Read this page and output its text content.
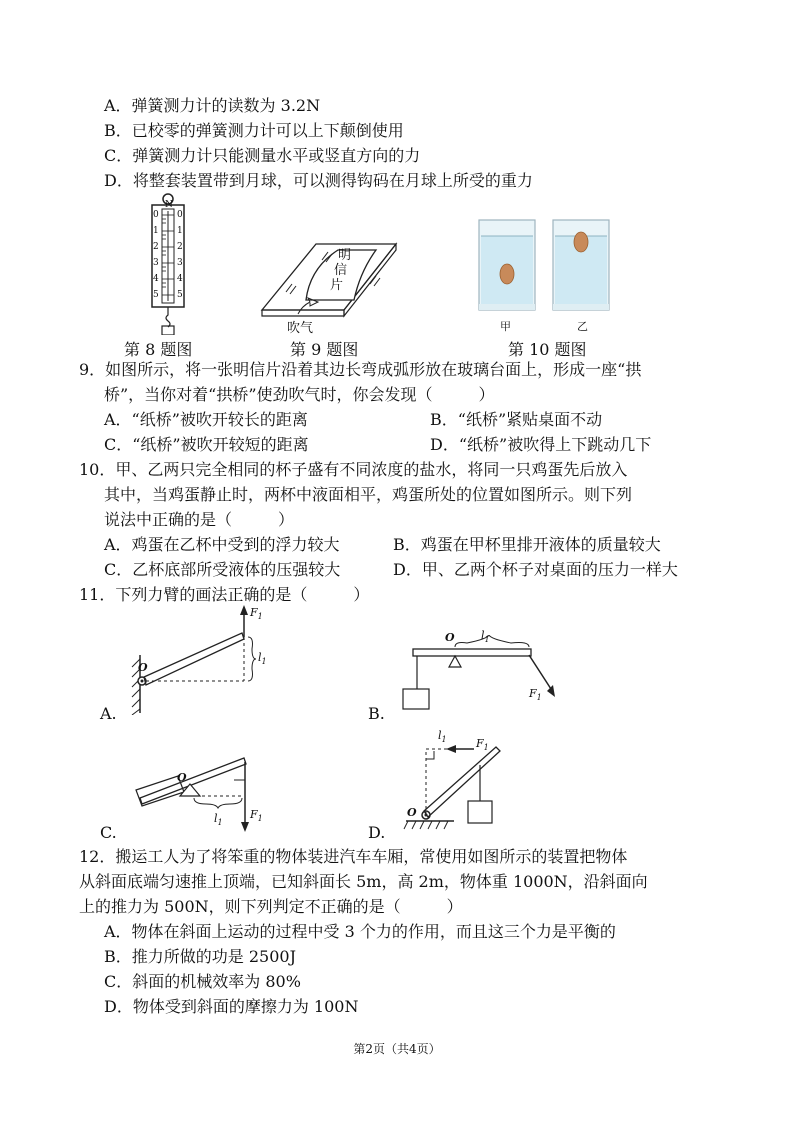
A．弹簧测力计的读数为 3.2N
B．已校零的弹簧测力计可以上下颠倒使用
C．弹簧测力计只能测量水平或竖直方向的力
D．将整套装置带到月球，可以测得钩码在月球上所受的重力
N
0
1
2
3
4
5
0
1
2
3
4
5
明
信
片
吹气	甲	乙
第 8 题图	第 9 题图	第 10 题图
9．如图所示，将一张明信片沿着其边长弯成弧形放在玻璃台面上，形成一座“拱
桥”，当你对着“拱桥”使劲吹气时，你会发现（	）
A．“纸桥”被吹开较长的距离	B．“纸桥”紧贴桌面不动
C．“纸桥”被吹开较短的距离	D．“纸桥”被吹得上下跳动几下
10．甲、乙两只完全相同的杯子盛有不同浓度的盐水，将同一只鸡蛋先后放入
其中，当鸡蛋静止时，两杯中液面相平，鸡蛋所处的位置如图所示。则下列
说法中正确的是（	）
A．鸡蛋在乙杯中受到的浮力较大	B．鸡蛋在甲杯里排开液体的质量较大
C．乙杯底部所受液体的压强较大	D．甲、乙两个杯子对桌面的压力一样大
11．下列力臂的画法正确的是（	）
$F_1$
$l_1$
O
A.
O $l_1$
$F_1$
B.
O
$l_1$
$F_1$
C.
$l_1$	$F_1$
O
D.
12．搬运工人为了将笨重的物体装进汽车车厢，常使用如图所示的装置把物体
从斜面底端匀速推上顶端，已知斜面长 5m，高 2m，物体重 1000N，沿斜面向
上的推力为 500N，则下列判定不正确的是（	）
A．物体在斜面上运动的过程中受 3 个力的作用，而且这三个力是平衡的
B．推力所做的功是 2500J
C．斜面的机械效率为 80%
D．物体受到斜面的摩擦力为 100N
第2页（共4页）
